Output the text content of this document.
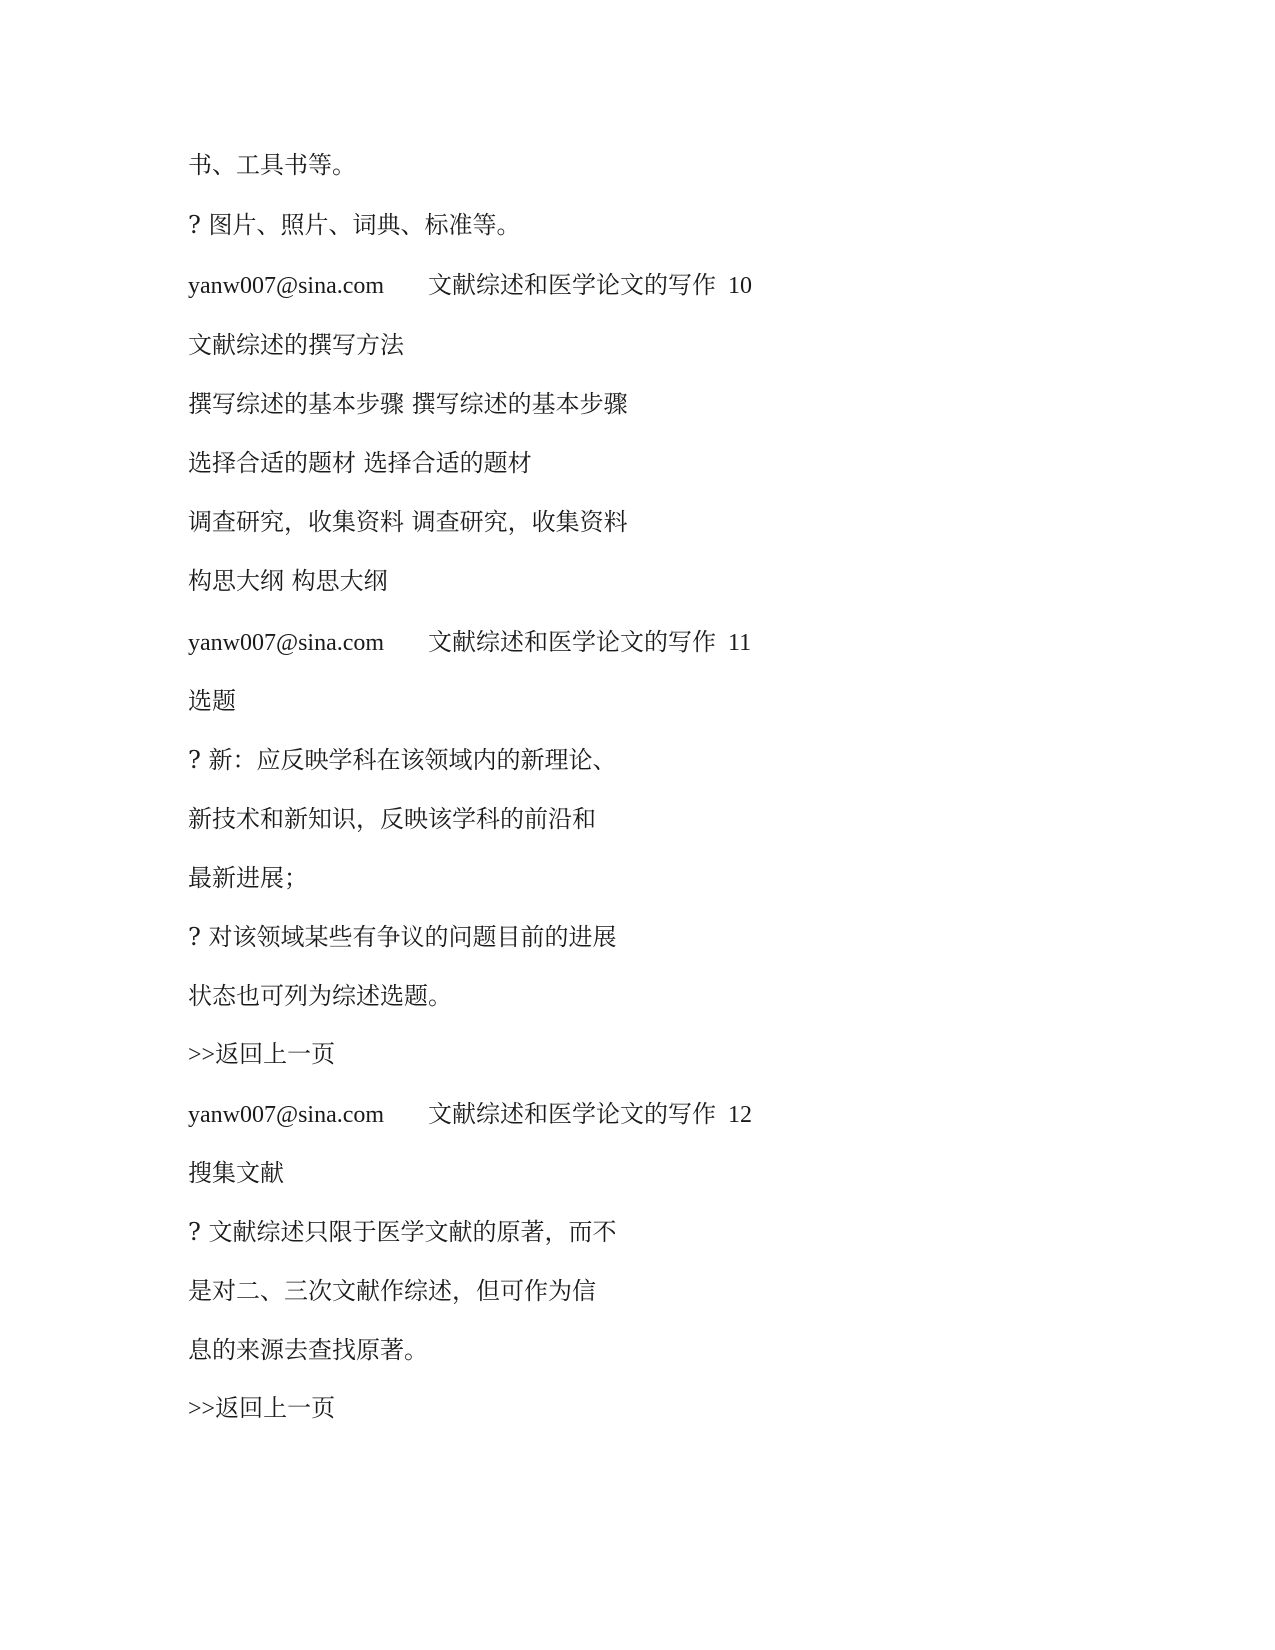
书、工具书等。
? 图片、照片、词典、标准等。
yanw007@sina.com 文献综述和医学论文的写作 10
文献综述的撰写方法
撰写综述的基本步骤 撰写综述的基本步骤
选择合适的题材 选择合适的题材
调查研究，收集资料 调查研究，收集资料
构思大纲 构思大纲
yanw007@sina.com 文献综述和医学论文的写作 11
选题
? 新：应反映学科在该领域内的新理论、
新技术和新知识，反映该学科的前沿和
最新进展；
? 对该领域某些有争议的问题目前的进展
状态也可列为综述选题。
>>返回上一页
yanw007@sina.com 文献综述和医学论文的写作 12
搜集文献
? 文献综述只限于医学文献的原著，而不
是对二、三次文献作综述，但可作为信
息的来源去查找原著。
>>返回上一页
